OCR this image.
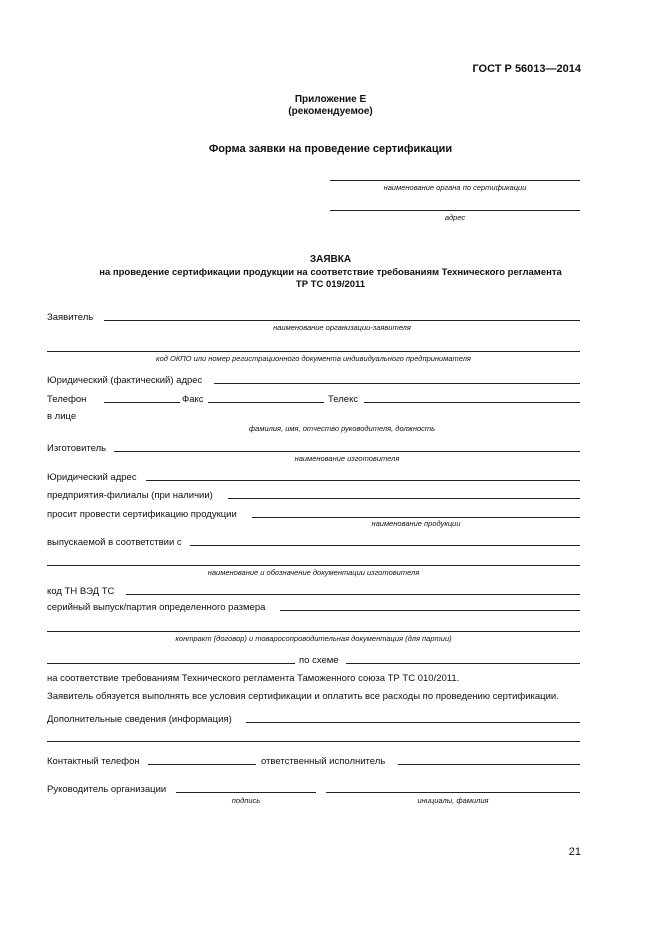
ГОСТ Р 56013—2014
Приложение Е
(рекомендуемое)
Форма заявки на проведение сертификации
наименование органа по сертификации
адрес
ЗАЯВКА
на проведение сертификации продукции на соответствие требованиям Технического регламента
ТР ТС 019/2011
Заявитель
наименование организации-заявителя
код ОКПО или номер регистрационного документа индивидуального предпринимателя
Юридический (фактический) адрес
Телефон	Факс	Телекс
в лице
фамилия, имя, отчество руководителя, должность
Изготовитель
наименование изготовителя
Юридический адрес
предприятия-филиалы (при наличии)
просит провести сертификацию продукции
наименование продукции
выпускаемой в соответствии с
наименование и обозначение документации изготовителя
код ТН ВЭД ТС
серийный выпуск/партия определенного размера
контракт (договор) и товаросопроводительная документация (для партии)
по схеме
на соответствие требованиям Технического регламента Таможенного союза ТР ТС 010/2011.
Заявитель обязуется выполнять все условия сертификации и оплатить все расходы по проведению сертификации.
Дополнительные сведения (информация)
Контактный телефон	ответственный исполнитель
Руководитель организации
подпись	инициалы, фамилия
21
